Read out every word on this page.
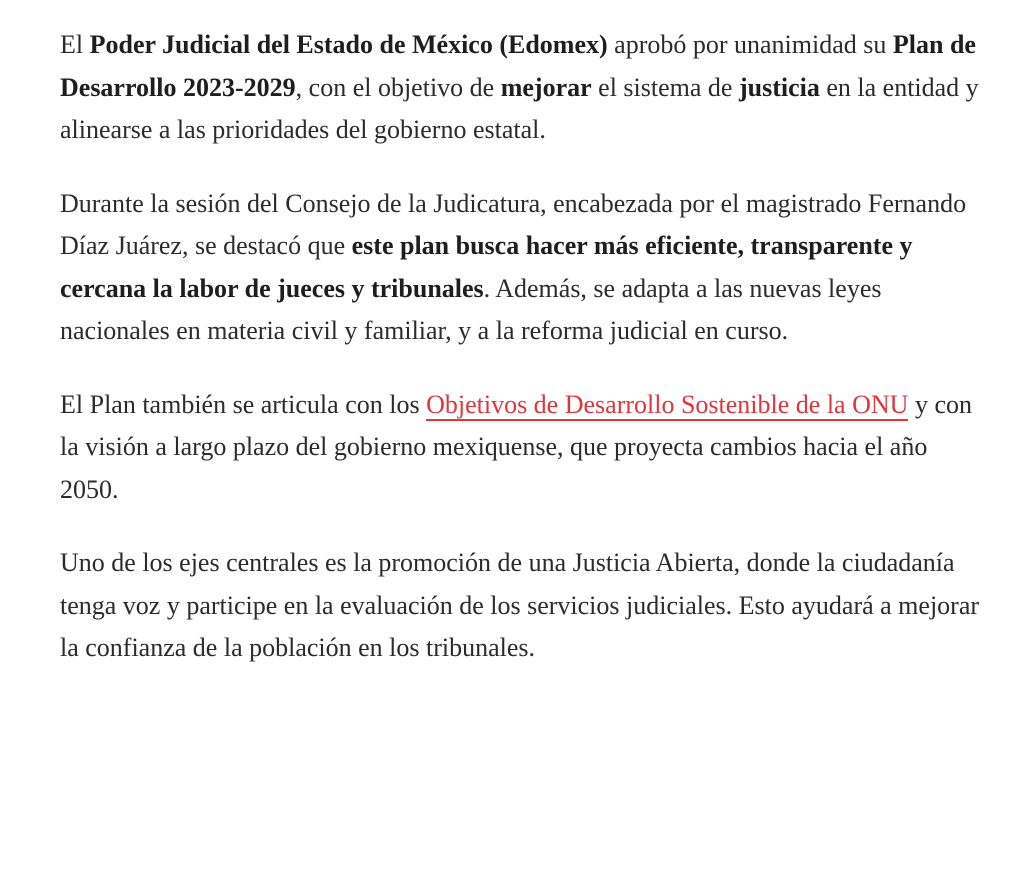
El Poder Judicial del Estado de México (Edomex) aprobó por unanimidad su Plan de Desarrollo 2023-2029, con el objetivo de mejorar el sistema de justicia en la entidad y alinearse a las prioridades del gobierno estatal.

Durante la sesión del Consejo de la Judicatura, encabezada por el magistrado Fernando Díaz Juárez, se destacó que este plan busca hacer más eficiente, transparente y cercana la labor de jueces y tribunales. Además, se adapta a las nuevas leyes nacionales en materia civil y familiar, y a la reforma judicial en curso.

El Plan también se articula con los Objetivos de Desarrollo Sostenible de la ONU y con la visión a largo plazo del gobierno mexiquense, que proyecta cambios hacia el año 2050.

Uno de los ejes centrales es la promoción de una Justicia Abierta, donde la ciudadanía tenga voz y participe en la evaluación de los servicios judiciales. Esto ayudará a mejorar la confianza de la población en los tribunales.
